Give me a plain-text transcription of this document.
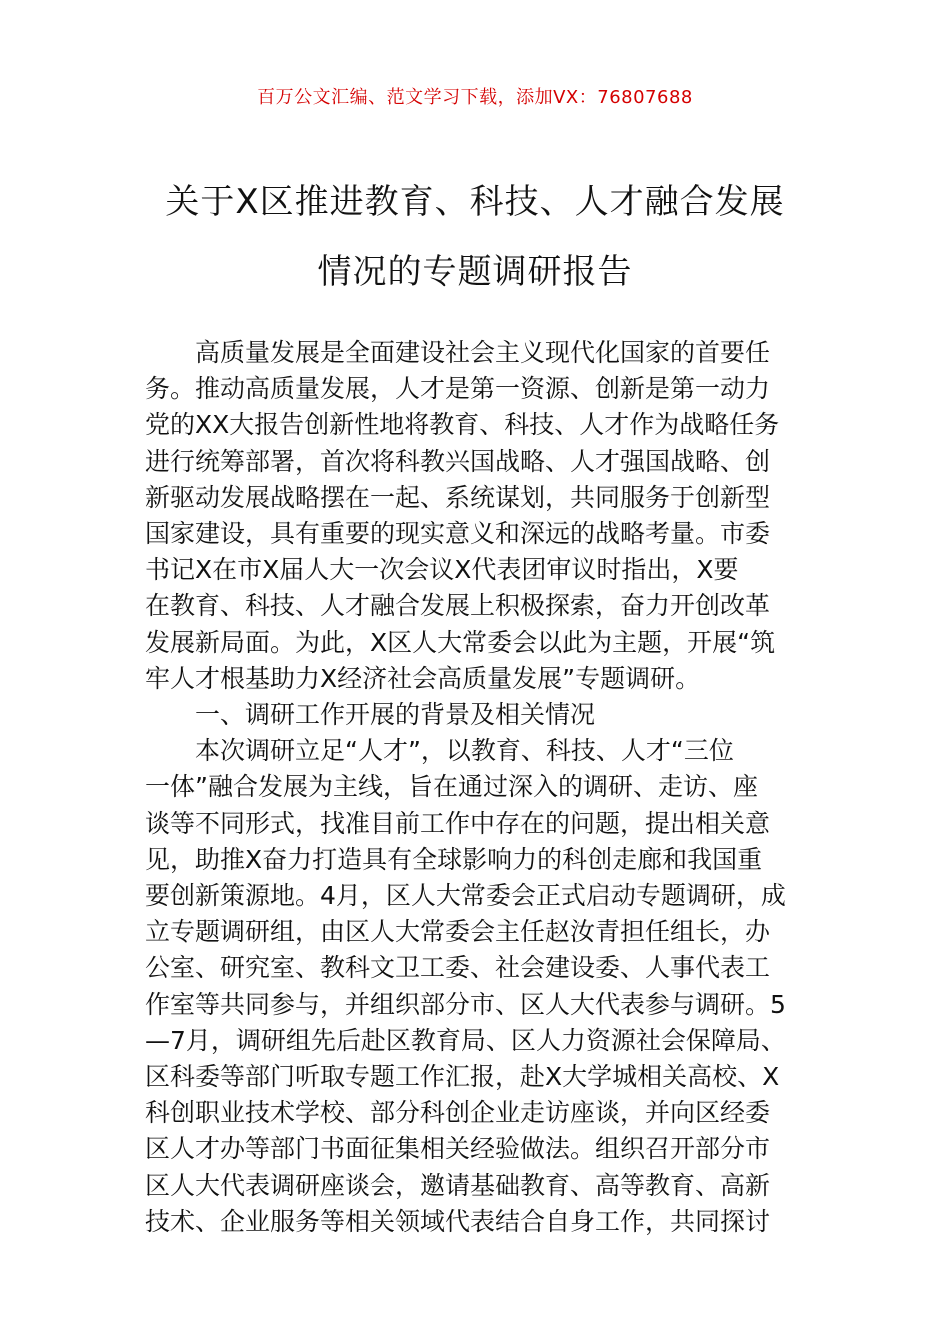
百万公文汇编、范文学习下载，添加VX：76807688
关于X区推进教育、科技、人才融合发展
情况的专题调研报告

高质量发展是全面建设社会主义现代化国家的首要任
务。推动高质量发展，人才是第一资源、创新是第一动力
党的XX大报告创新性地将教育、科技、人才作为战略任务
进行统筹部署，首次将科教兴国战略、人才强国战略、创
新驱动发展战略摆在一起、系统谋划，共同服务于创新型
国家建设，具有重要的现实意义和深远的战略考量。市委
书记X在市X届人大一次会议X代表团审议时指出，X要
在教育、科技、人才融合发展上积极探索，奋力开创改革
发展新局面。为此，X区人大常委会以此为主题，开展“筑
牢人才根基助力X经济社会高质量发展”专题调研。

一、调研工作开展的背景及相关情况

本次调研立足“人才”，以教育、科技、人才“三位
一体”融合发展为主线，旨在通过深入的调研、走访、座
谈等不同形式，找准目前工作中存在的问题，提出相关意
见，助推X奋力打造具有全球影响力的科创走廊和我国重
要创新策源地。4月，区人大常委会正式启动专题调研，成
立专题调研组，由区人大常委会主任赵汝青担任组长，办
公室、研究室、教科文卫工委、社会建设委、人事代表工
作室等共同参与，并组织部分市、区人大代表参与调研。5
—7月，调研组先后赴区教育局、区人力资源社会保障局、
区科委等部门听取专题工作汇报，赴X大学城相关高校、X
科创职业技术学校、部分科创企业走访座谈，并向区经委
区人才办等部门书面征集相关经验做法。组织召开部分市
区人大代表调研座谈会，邀请基础教育、高等教育、高新
技术、企业服务等相关领域代表结合自身工作，共同探讨
